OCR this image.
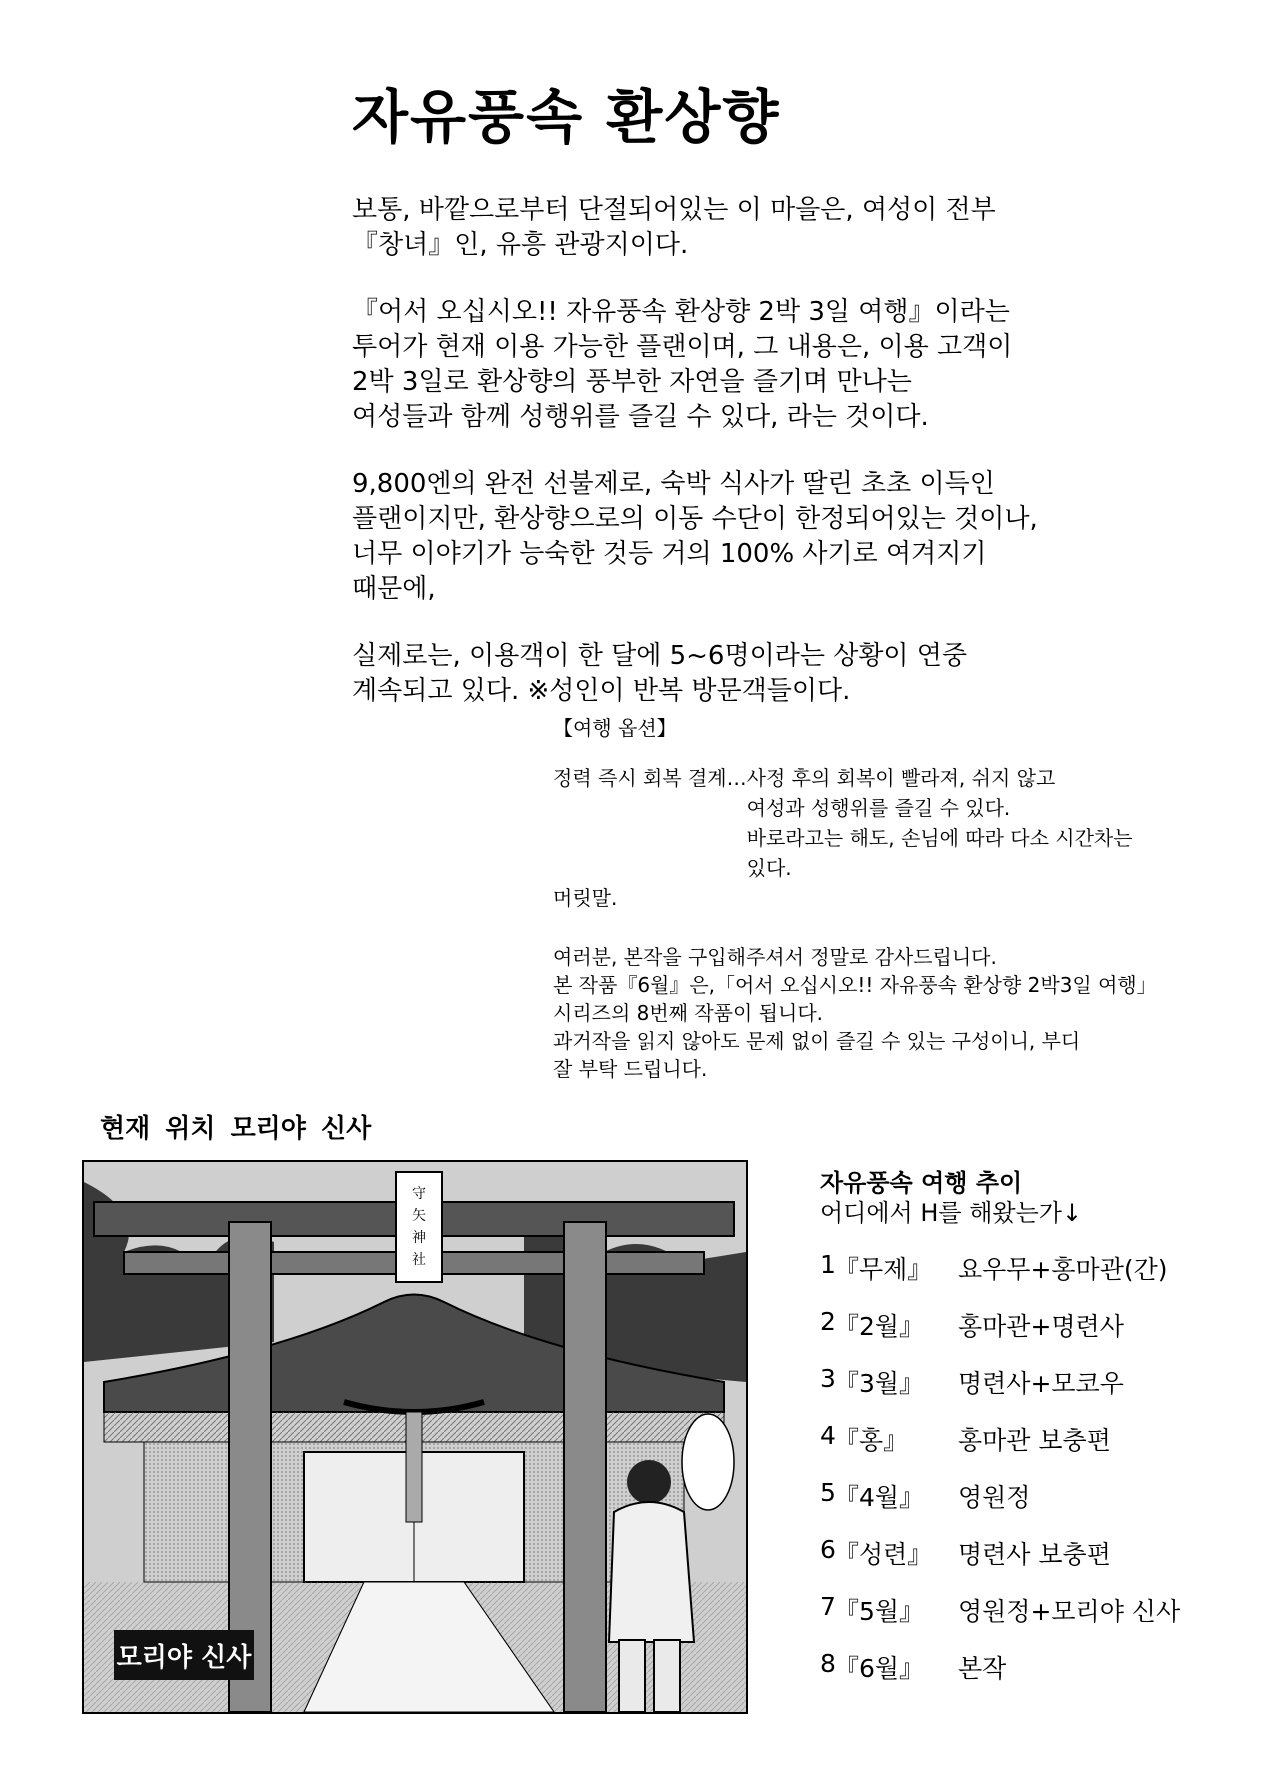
자유풍속 환상향

보통, 바깥으로부터 단절되어있는 이 마을은, 여성이 전부
『창녀』인, 유흥 관광지이다.

『어서 오십시오!! 자유풍속 환상향 2박 3일 여행』이라는
투어가 현재 이용 가능한 플랜이며, 그 내용은, 이용 고객이
2박 3일로 환상향의 풍부한 자연을 즐기며 만나는
여성들과 함께 성행위를 즐길 수 있다, 라는 것이다.

9,800엔의 완전 선불제로, 숙박 식사가 딸린 초초 이득인
플랜이지만, 환상향으로의 이동 수단이 한정되어있는 것이나,
너무 이야기가 능숙한 것등 거의 100% 사기로 여겨지기
때문에,

실제로는, 이용객이 한 달에 5~6명이라는 상황이 연중
계속되고 있다. ※성인이 반복 방문객들이다.

【여행 옵션】
정력 즉시 회복 결계… 사정 후의 회복이 빨라져, 쉬지 않고
여성과 성행위를 즐길 수 있다.
바로라고는 해도, 손님에 따라 다소 시간차는
있다.
머릿말.
여러분, 본작을 구입해주셔서 정말로 감사드립니다.
본 작품『6월』은,「어서 오십시오!! 자유풍속 환상향 2박3일 여행」
시리즈의 8번째 작품이 됩니다.
과거작을 읽지 않아도 문제 없이 즐길 수 있는 구성이니, 부디
잘 부탁 드립니다.
현재 위치 모리야 신사
守
矢
神
社
모리야 신사
자유풍속 여행 추이
어디에서 H를 해왔는가↓
1
『무제』 요우무+홍마관(간)
2
『2월』 홍마관+명련사
3
『3월』 명련사+모코우
4
『홍』 홍마관 보충편
5
『4월』 영원정
6
『성련』 명련사 보충편
7
『5월』 영원정+모리야 신사
8
『6월』 본작
